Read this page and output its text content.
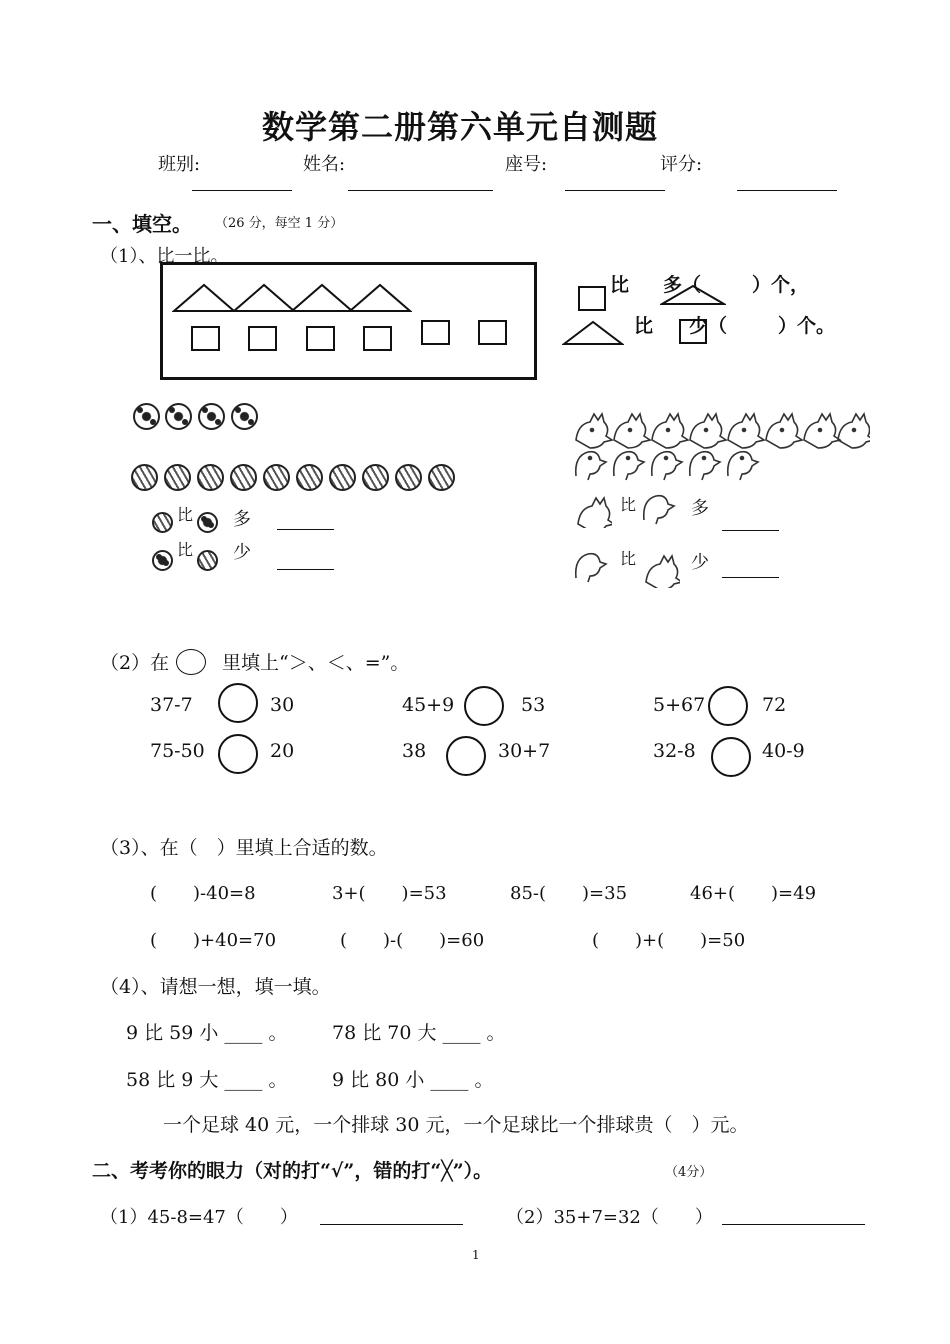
数学第二册第六单元自测题
班别:	姓名:	座号:	评分:
一、填空。 （26 分，每空 1 分）
（1）、比一比。
比 多（	）个，
比 少（	）个。
比 多
比 少
比	多
比	少
（2）在	里填上“＞、＜、=”。
37-7	30	45+9	53	5+67	72
75-50	20	38	30+7	32-8	40-9
（3）、在（　）里填上合适的数。
(　　)-40=8	3+(　　)=53	85-(　　)=35	46+(　　)=49
(　　)+40=70	(　　)-(　　)=60	(　　)+(　　)=50
（4）、请想一想，填一填。
9 比 59 小 ____ 。 78 比 70 大 ____ 。
58 比 9 大 ____ 。 9 比 80 小 ____ 。
一个足球 40 元，一个排球 30 元，一个足球比一个排球贵（　）元。
二、考考你的眼力（对的打“√”，错的打“╳”）。	（4分）
（1）45-8=47（　　）	（2）35+7=32（　　）
1
